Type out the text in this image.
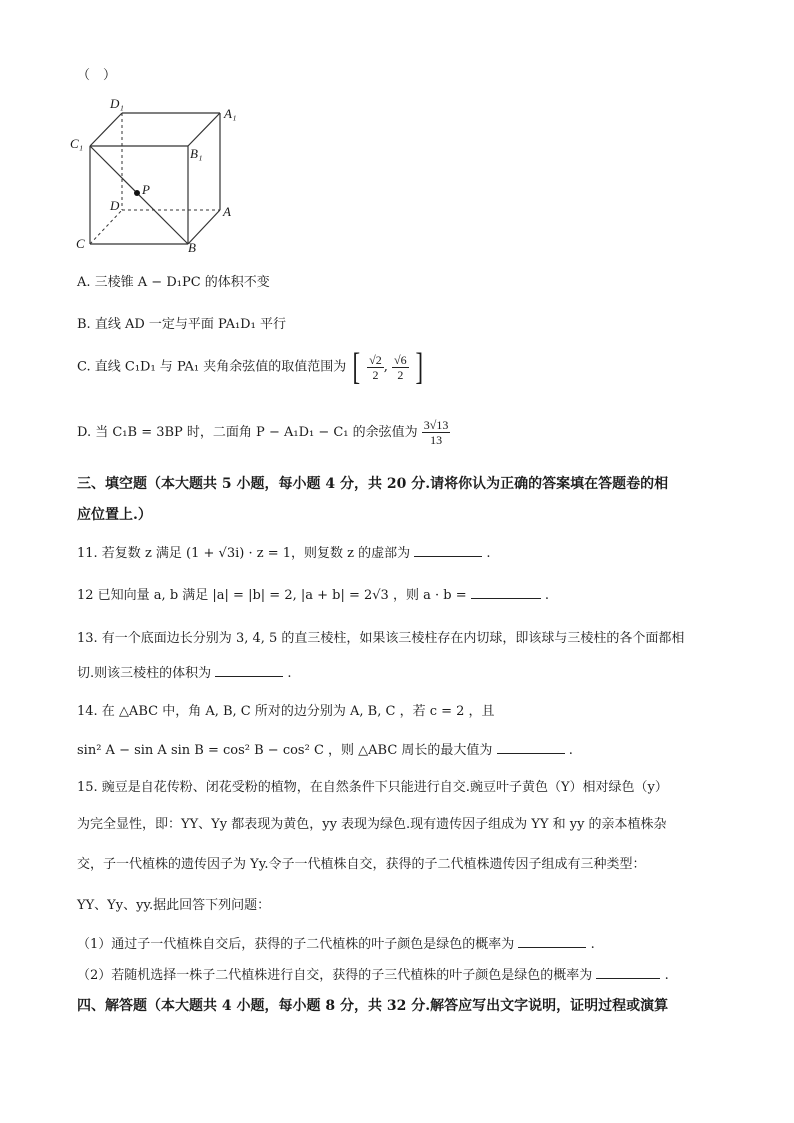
（　）
D₁
A₁
C₁
B₁
P
D	A
C	B
A. 三棱锥 A − D₁PC 的体积不变
B. 直线 AD 一定与平面 PA₁D₁ 平行
C. 直线 C₁D₁ 与 PA₁ 夹角余弦值的取值范围为 [ $\frac{√2}{2}$ , $\frac{√6}{2}$ ]
D. 当 C₁B = 3BP 时，二面角 P − A₁D₁ − C₁ 的余弦值为 $\frac{3√13}{13}$
三、填空题（本大题共 5 小题，每小题 4 分，共 20 分.请将你认为正确的答案填在答题卷的相
应位置上.）
11. 若复数 z 满足 (1 + √3i) · z = 1，则复数 z 的虚部为	.
12 已知向量 a, b 满足 |a| = |b| = 2, |a + b| = 2√3 ，则 a · b =	.
13. 有一个底面边长分别为 3, 4, 5 的直三棱柱，如果该三棱柱存在内切球，即该球与三棱柱的各个面都相
切.则该三棱柱的体积为	.
14. 在 △ABC 中，角 A, B, C 所对的边分别为 A, B, C ，若 c = 2 ，且
sin² A − sin A sin B = cos² B − cos² C ，则 △ABC 周长的最大值为	.
15. 豌豆是自花传粉、闭花受粉的植物，在自然条件下只能进行自交.豌豆叶子黄色（Y）相对绿色（y）
为完全显性，即：YY、Yy 都表现为黄色，yy 表现为绿色.现有遗传因子组成为 YY 和 yy 的亲本植株杂
交，子一代植株的遗传因子为 Yy.令子一代植株自交，获得的子二代植株遗传因子组成有三种类型：
YY、Yy、yy.据此回答下列问题：
（1）通过子一代植株自交后，获得的子二代植株的叶子颜色是绿色的概率为	.
（2）若随机选择一株子二代植株进行自交，获得的子三代植株的叶子颜色是绿色的概率为	.
四、解答题（本大题共 4 小题，每小题 8 分，共 32 分.解答应写出文字说明，证明过程或演算
